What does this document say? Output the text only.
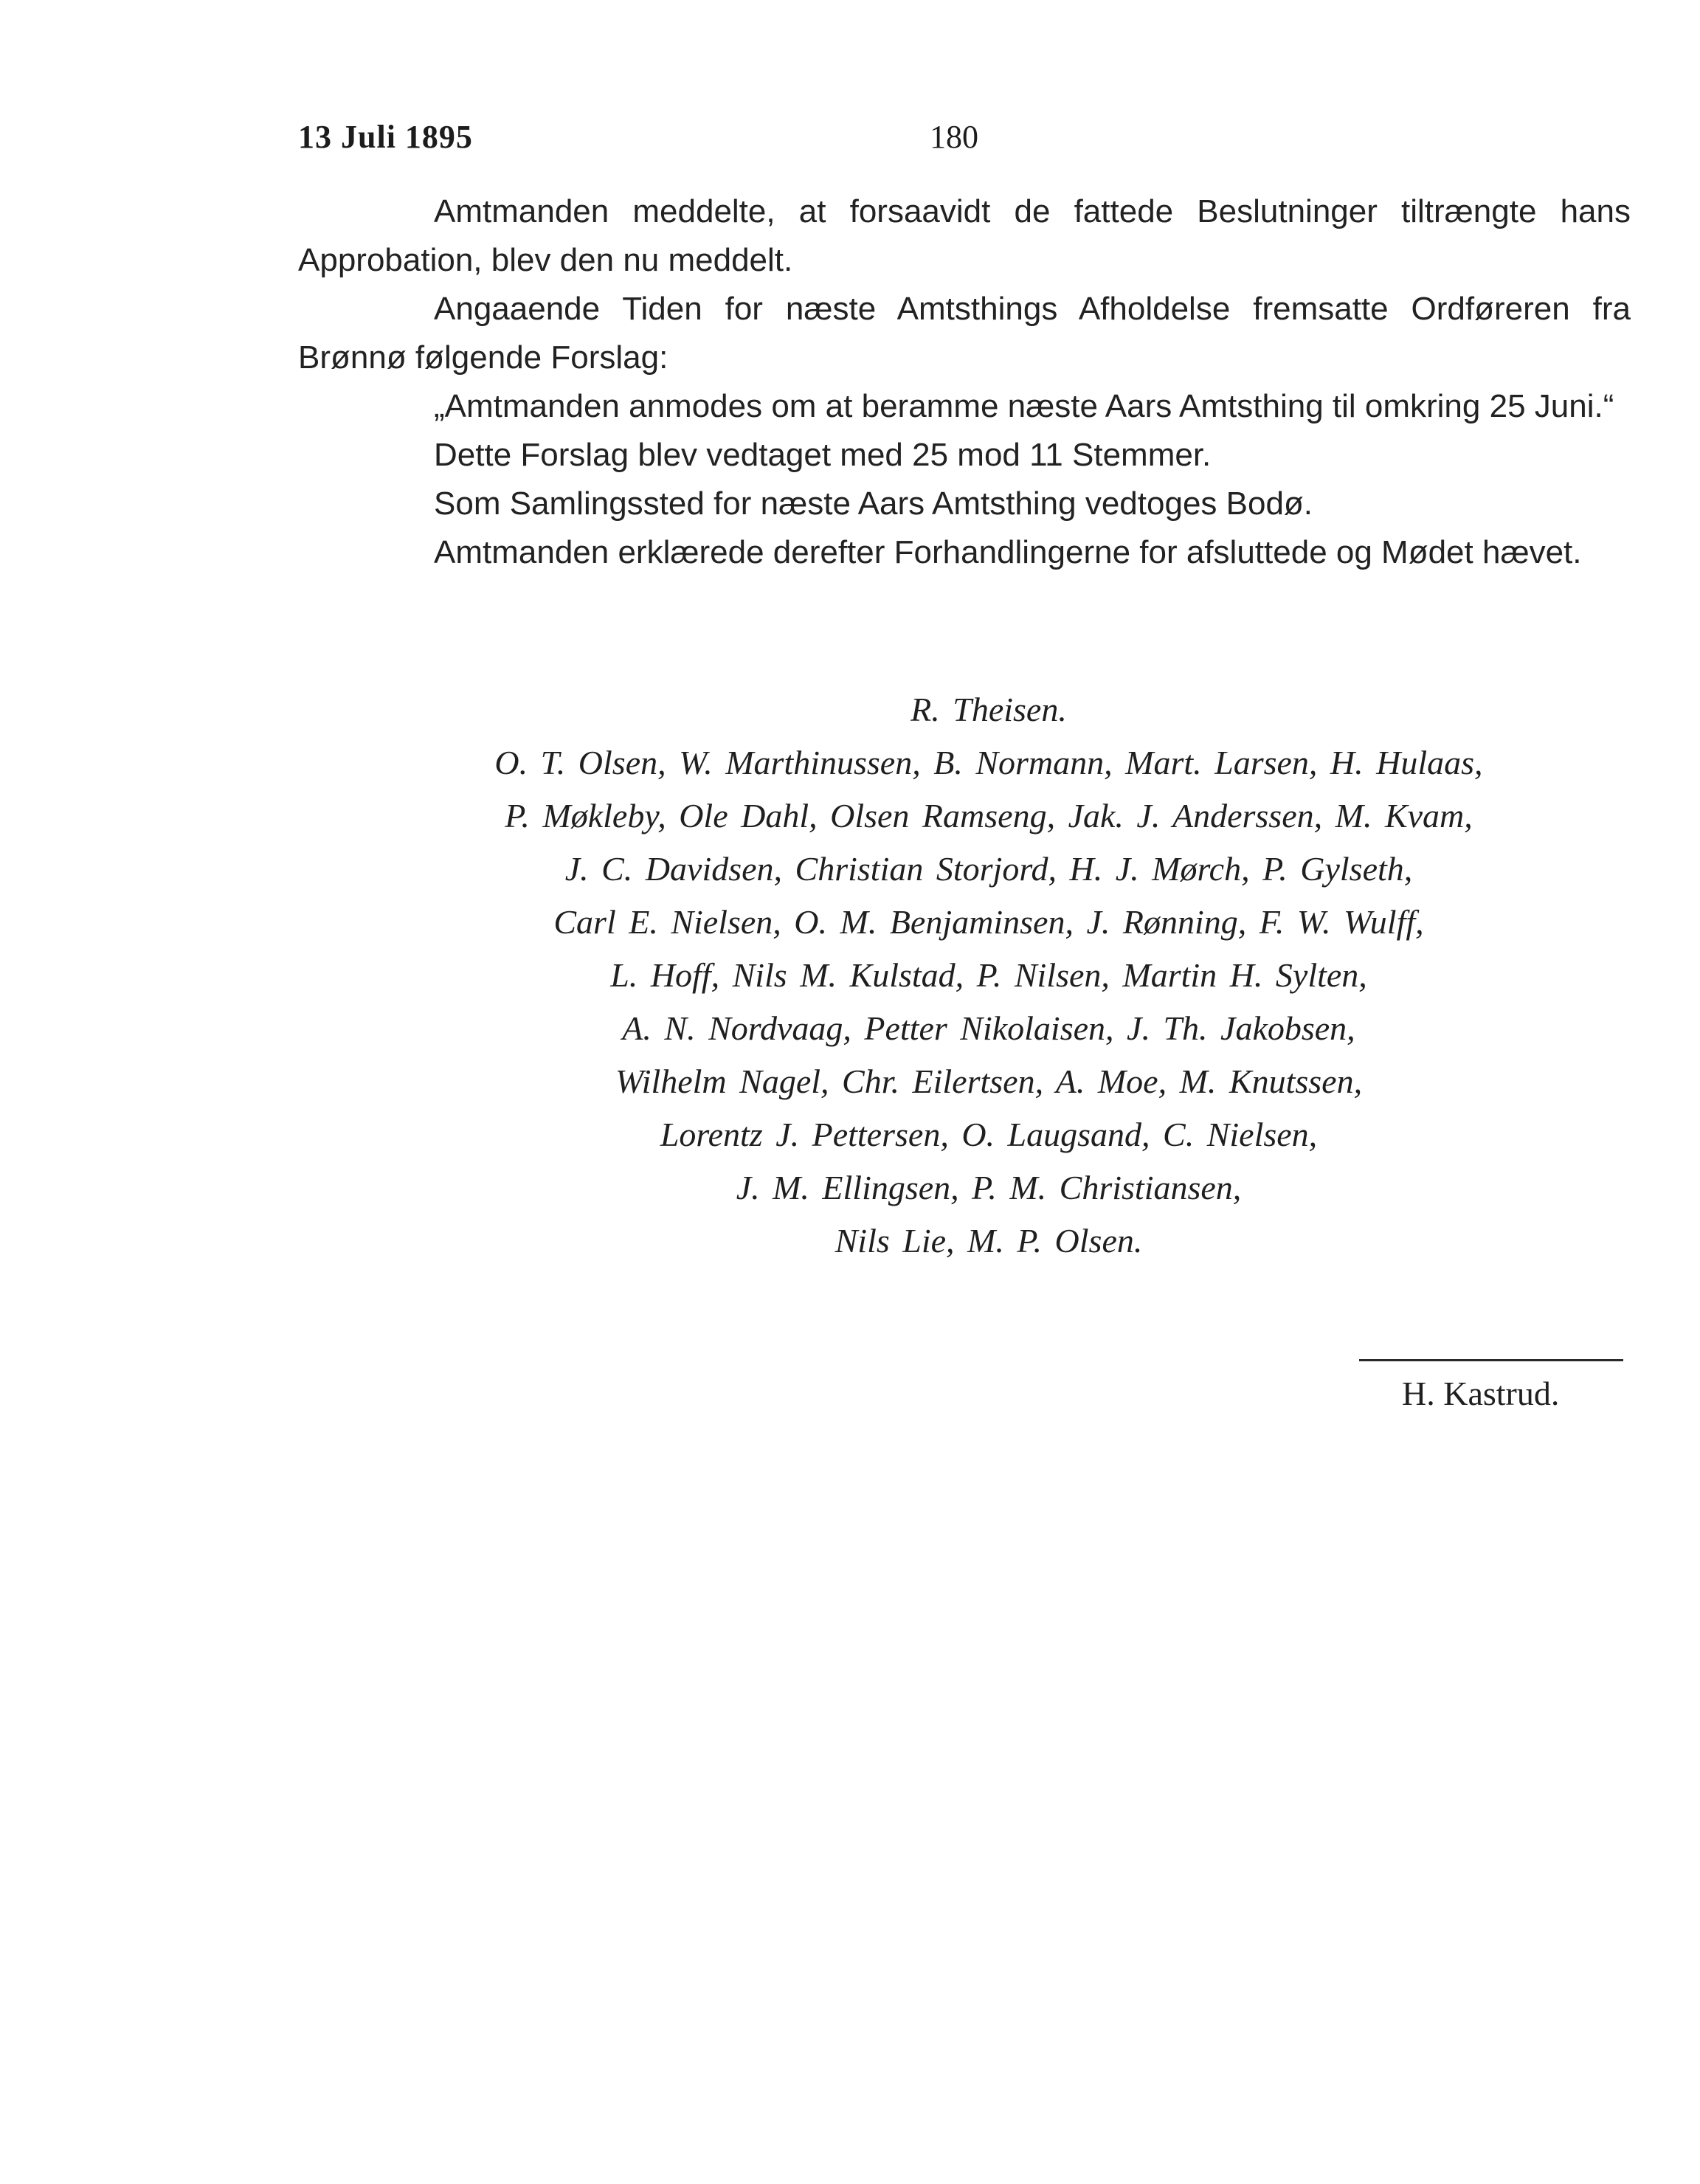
13 Juli 1895	180

Amtmanden meddelte, at forsaavidt de fattede Beslutninger tiltrængte hans Approbation, blev den nu meddelt.

Angaaende Tiden for næste Amtsthings Afholdelse fremsatte Ordføreren fra Brønnø følgende Forslag:

„Amtmanden anmodes om at beramme næste Aars Amtsthing til omkring 25 Juni.“

Dette Forslag blev vedtaget med 25 mod 11 Stemmer.

Som Samlingssted for næste Aars Amtsthing vedtoges Bodø.

Amtmanden erklærede derefter Forhandlingerne for afsluttede og Mødet hævet.

R. Theisen.
O. T. Olsen, W. Marthinussen, B. Normann, Mart. Larsen, H. Hulaas,
P. Møkleby, Ole Dahl, Olsen Ramseng, Jak. J. Anderssen, M. Kvam,
J. C. Davidsen, Christian Storjord, H. J. Mørch, P. Gylseth,
Carl E. Nielsen, O. M. Benjaminsen, J. Rønning, F. W. Wulff,
L. Hoff, Nils M. Kulstad, P. Nilsen, Martin H. Sylten,
A. N. Nordvaag, Petter Nikolaisen, J. Th. Jakobsen,
Wilhelm Nagel, Chr. Eilertsen, A. Moe, M. Knutssen,
Lorentz J. Pettersen, O. Laugsand, C. Nielsen,
J. M. Ellingsen, P. M. Christiansen,
Nils Lie, M. P. Olsen.
H. Kastrud.
